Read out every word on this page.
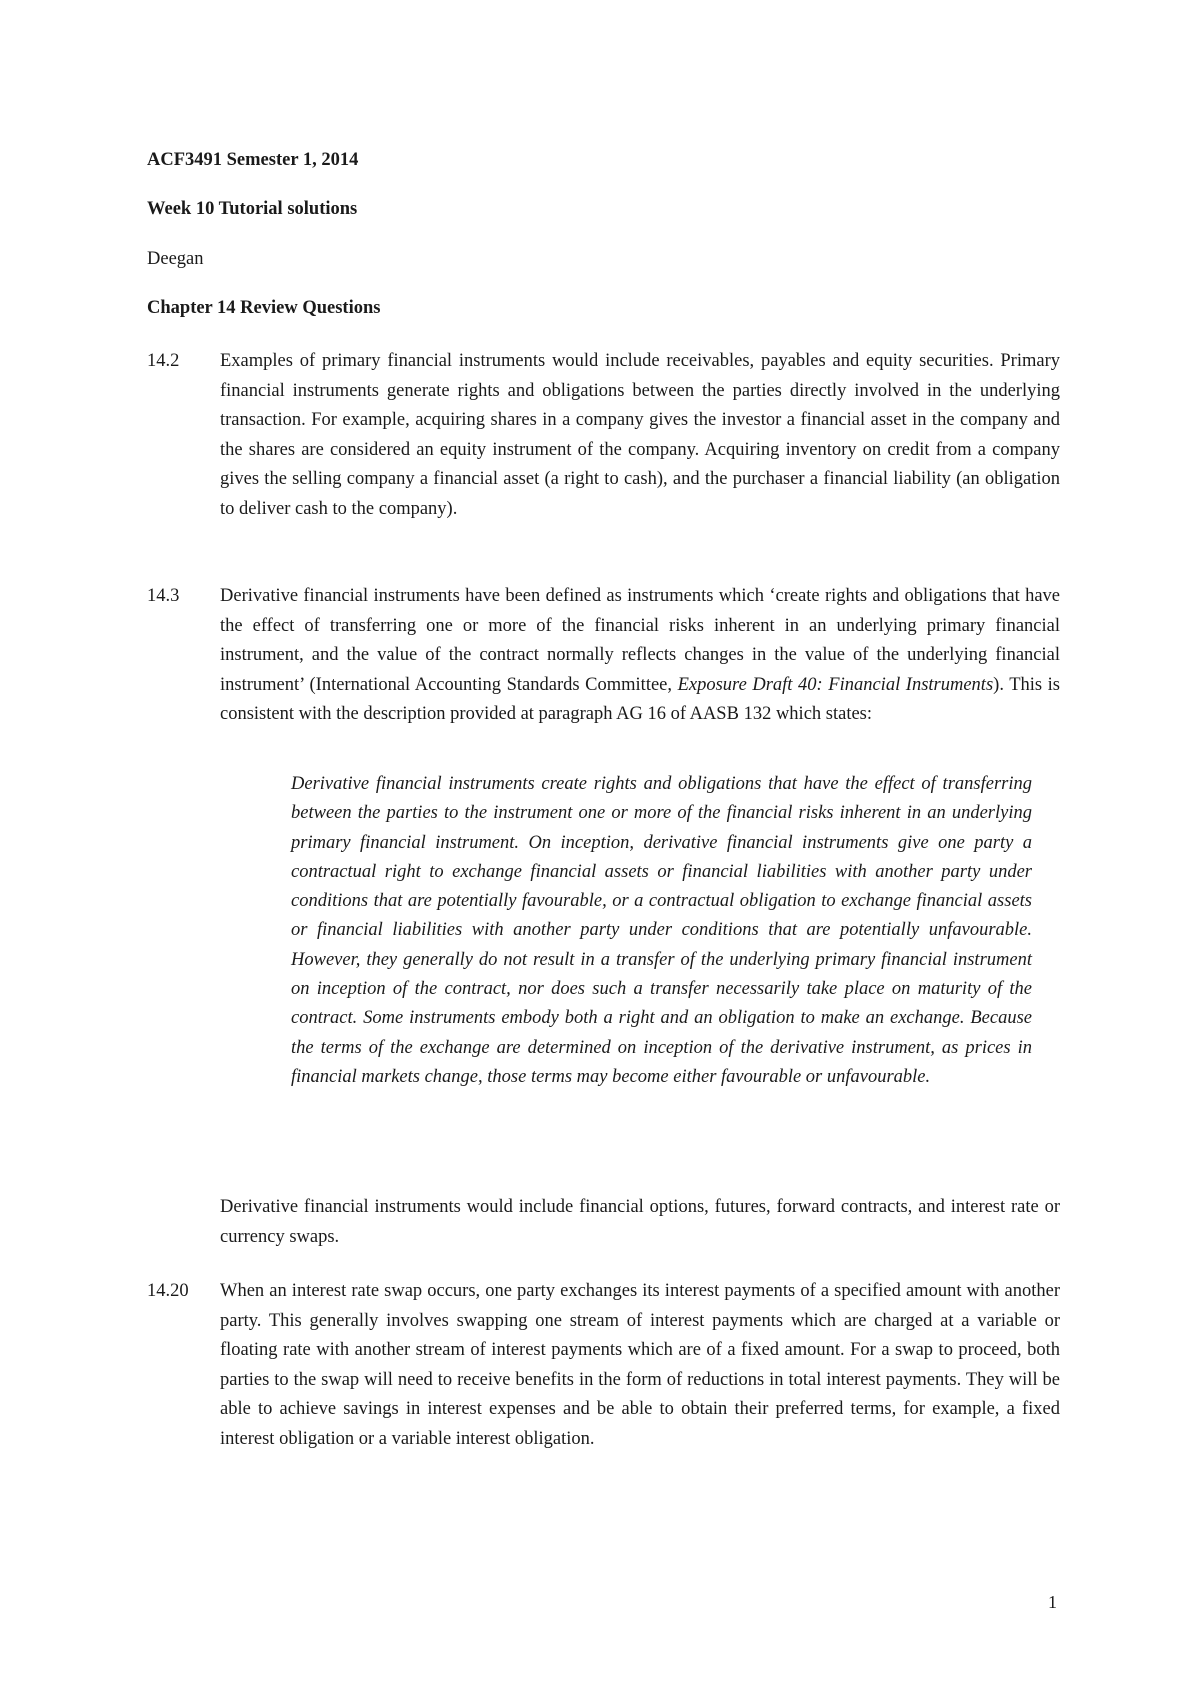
ACF3491 Semester 1, 2014

Week 10 Tutorial solutions

Deegan

Chapter 14 Review Questions

14.2 Examples of primary financial instruments would include receivables, payables and equity securities. Primary financial instruments generate rights and obligations between the parties directly involved in the underlying transaction. For example, acquiring shares in a company gives the investor a financial asset in the company and the shares are considered an equity instrument of the company. Acquiring inventory on credit from a company gives the selling company a financial asset (a right to cash), and the purchaser a financial liability (an obligation to deliver cash to the company).

14.3 Derivative financial instruments have been defined as instruments which ‘create rights and obligations that have the effect of transferring one or more of the financial risks inherent in an underlying primary financial instrument, and the value of the contract normally reflects changes in the value of the underlying financial instrument’ (International Accounting Standards Committee, Exposure Draft 40: Financial Instruments). This is consistent with the description provided at paragraph AG 16 of AASB 132 which states:

Derivative financial instruments create rights and obligations that have the effect of transferring between the parties to the instrument one or more of the financial risks inherent in an underlying primary financial instrument. On inception, derivative financial instruments give one party a contractual right to exchange financial assets or financial liabilities with another party under conditions that are potentially favourable, or a contractual obligation to exchange financial assets or financial liabilities with another party under conditions that are potentially unfavourable. However, they generally do not result in a transfer of the underlying primary financial instrument on inception of the contract, nor does such a transfer necessarily take place on maturity of the contract. Some instruments embody both a right and an obligation to make an exchange. Because the terms of the exchange are determined on inception of the derivative instrument, as prices in financial markets change, those terms may become either favourable or unfavourable.

Derivative financial instruments would include financial options, futures, forward contracts, and interest rate or currency swaps.

14.20 When an interest rate swap occurs, one party exchanges its interest payments of a specified amount with another party. This generally involves swapping one stream of interest payments which are charged at a variable or floating rate with another stream of interest payments which are of a fixed amount. For a swap to proceed, both parties to the swap will need to receive benefits in the form of reductions in total interest payments. They will be able to achieve savings in interest expenses and be able to obtain their preferred terms, for example, a fixed interest obligation or a variable interest obligation.

1
